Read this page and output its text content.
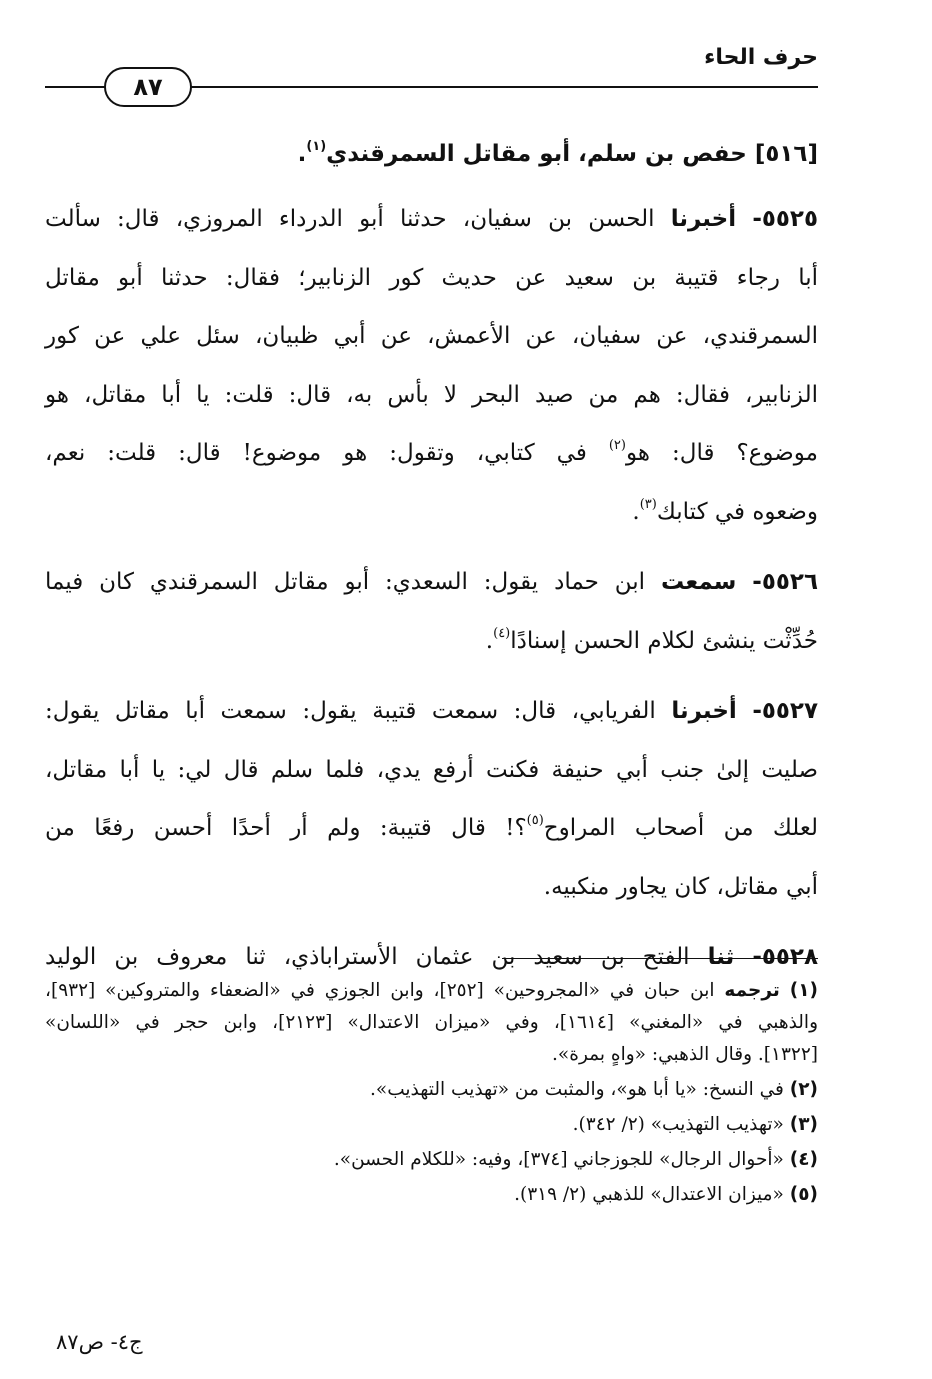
حرف الحاء
٨٧
[٥١٦] حفص بن سلم، أبو مقاتل السمرقندي$^{(١)}$.
٥٥٢٥- أخبرنا الحسن بن سفيان، حدثنا أبو الدرداء المروزي، قال: سألت
أبا رجاء قتيبة بن سعيد عن حديث كور الزنابير؛ فقال: حدثنا أبو مقاتل
السمرقندي، عن سفيان، عن الأعمش، عن أبي ظبيان، سئل علي عن كور
الزنابير، فقال: هم من صيد البحر لا بأس به، قال: قلت: يا أبا مقاتل، هو
موضوع؟ قال: هو$^{(٢)}$ في كتابي، وتقول: هو موضوع! قال: قلت: نعم،
وضعوه في كتابك$^{(٣)}$.
٥٥٢٦- سمعت ابن حماد يقول: السعدي: أبو مقاتل السمرقندي كان فيما
حُدِّثْت ينشئ لكلام الحسن إسنادًا$^{(٤)}$.
٥٥٢٧- أخبرنا الفريابي، قال: سمعت قتيبة يقول: سمعت أبا مقاتل يقول:
صليت إلىٰ جنب أبي حنيفة فكنت أرفع يدي، فلما سلم قال لي: يا أبا مقاتل،
لعلك من أصحاب المراوح$^{(٥)}$؟! قال قتيبة: ولم أر أحدًا أحسن رفعًا من
أبي مقاتل، كان يجاور منكبيه.
٥٥٢٨- ثنا الفتح بن سعيد بن عثمان الأستراباذي، ثنا معروف بن الوليد
(١) ترجمه ابن حبان في «المجروحين» [٢٥٢]، وابن الجوزي في «الضعفاء والمتروكين» [٩٣٢]،
والذهبي في «المغني» [١٦١٤]، وفي «ميزان الاعتدال» [٢١٢٣]، وابن حجر في «اللسان»
[١٣٢٢]. وقال الذهبي: «واهٍ بمرة».
(٢) في النسخ: «يا أبا هو»، والمثبت من «تهذيب التهذيب».
(٣) «تهذيب التهذيب» (٢/ ٣٤٢).
(٤) «أحوال الرجال» للجوزجاني [٣٧٤]، وفيه: «للكلام الحسن».
(٥) «ميزان الاعتدال» للذهبي (٢/ ٣١٩).
ج٤- ص٨٧
